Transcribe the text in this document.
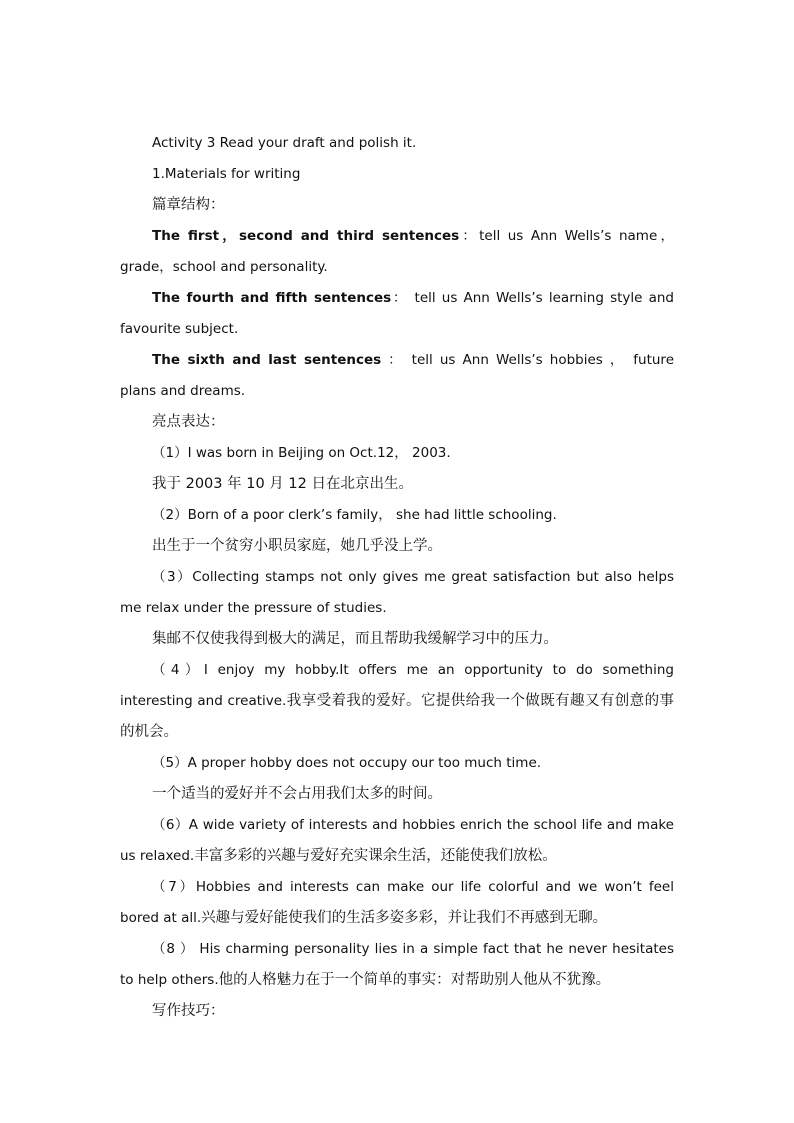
Activity 3 Read your draft and polish it.

1.Materials for writing

篇章结构：

The first，second and third sentences：tell us Ann Wells’s name，grade，school and personality.

The fourth and fifth sentences： tell us Ann Wells’s learning style and favourite subject.

The sixth and last sentences ： tell us Ann Wells’s hobbies ， future plans and dreams.

亮点表达：

（1）I was born in Beijing on Oct.12， 2003.

我于 2003 年 10 月 12 日在北京出生。

（2）Born of a poor clerk’s family， she had little schooling.

出生于一个贫穷小职员家庭，她几乎没上学。

（3）Collecting stamps not only gives me great satisfaction but also helps me relax under the pressure of studies.

集邮不仅使我得到极大的满足，而且帮助我缓解学习中的压力。

（4）I enjoy my hobby.It offers me an opportunity to do something interesting and creative.我享受着我的爱好。它提供给我一个做既有趣又有创意的事的机会。

（5）A proper hobby does not occupy our too much time.

一个适当的爱好并不会占用我们太多的时间。

（6）A wide variety of interests and hobbies enrich the school life and make us relaxed.丰富多彩的兴趣与爱好充实课余生活，还能使我们放松。

（7）Hobbies and interests can make our life colorful and we won’t feel bored at all.兴趣与爱好能使我们的生活多姿多彩，并让我们不再感到无聊。

（8 ） His charming personality lies in a simple fact that he never hesitates to help others.他的人格魅力在于一个简单的事实：对帮助别人他从不犹豫。

写作技巧：
